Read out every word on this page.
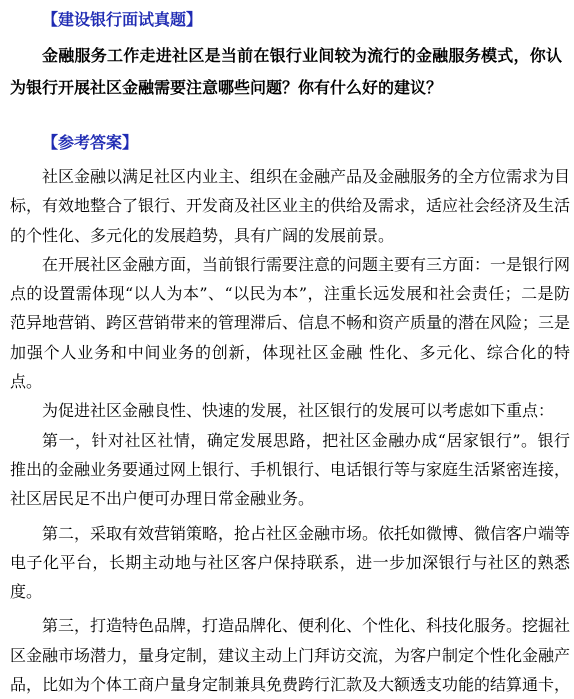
【建设银行面试真题】
金融服务工作走进社区是当前在银行业间较为流行的金融服务模式，你认为银行开展社区金融需要注意哪些问题？你有什么好的建议？
【参考答案】

社区金融以满足社区内业主、组织在金融产品及金融服务的全方位需求为目标，有效地整合了银行、开发商及社区业主的供给及需求，适应社会经济及生活的个性化、多元化的发展趋势，具有广阔的发展前景。

在开展社区金融方面，当前银行需要注意的问题主要有三方面：一是银行网点的设置需体现“以人为本”、“以民为本”，注重长远发展和社会责任；二是防范异地营销、跨区营销带来的管理滞后、信息不畅和资产质量的潜在风险；三是加强个人业务和中间业务的创新，体现社区金融 性化、多元化、综合化的特点。

为促进社区金融良性、快速的发展，社区银行的发展可以考虑如下重点：

第一，针对社区社情，确定发展思路，把社区金融办成“居家银行”。银行推出的金融业务要通过网上银行、手机银行、电话银行等与家庭生活紧密连接，社区居民足不出户便可办理日常金融业务。

第二，采取有效营销策略，抢占社区金融市场。依托如微博、微信客户端等电子化平台，长期主动地与社区客户保持联系，进一步加深银行与社区的熟悉度。

第三，打造特色品牌，打造品牌化、便利化、个性化、科技化服务。挖掘社区金融市场潜力，量身定制，建议主动上门拜访交流，为客户制定个性化金融产品，比如为个体工商户量身定制兼具免费跨行汇款及大额透支功能的结算通卡，
